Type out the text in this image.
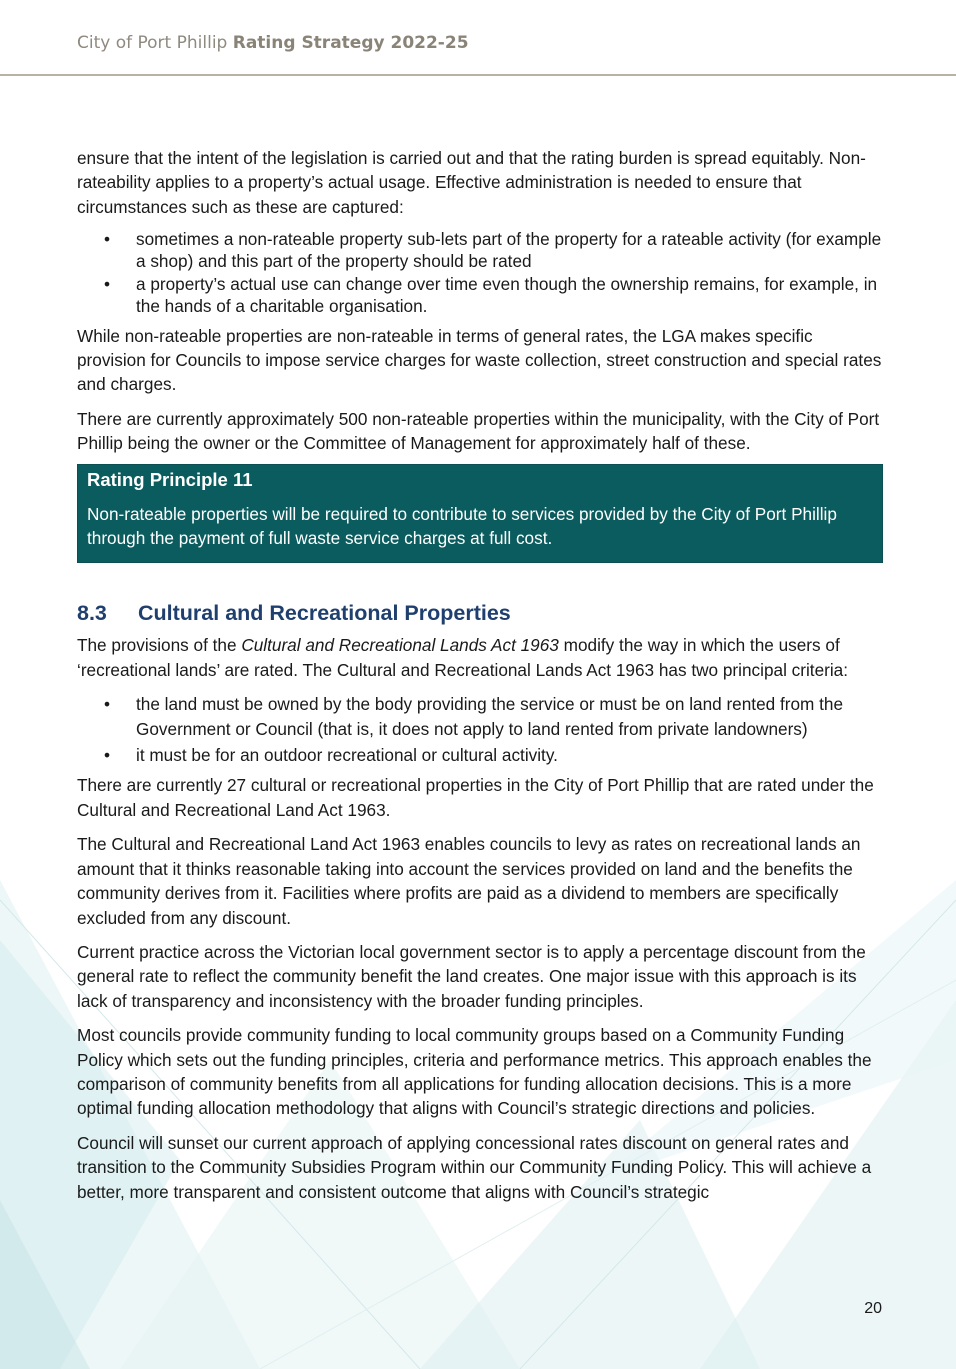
City of Port Phillip Rating Strategy 2022-25

ensure that the intent of the legislation is carried out and that the rating burden is spread equitably. Non-rateability applies to a property’s actual usage. Effective administration is needed to ensure that circumstances such as these are captured:

• sometimes a non-rateable property sub-lets part of the property for a rateable activity (for example a shop) and this part of the property should be rated
• a property’s actual use can change over time even though the ownership remains, for example, in the hands of a charitable organisation.

While non-rateable properties are non-rateable in terms of general rates, the LGA makes specific provision for Councils to impose service charges for waste collection, street construction and special rates and charges.

There are currently approximately 500 non-rateable properties within the municipality, with the City of Port Phillip being the owner or the Committee of Management for approximately half of these.

Rating Principle 11
Non-rateable properties will be required to contribute to services provided by the City of Port Phillip through the payment of full waste service charges at full cost.
8.3 Cultural and Recreational Properties

The provisions of the Cultural and Recreational Lands Act 1963 modify the way in which the users of ‘recreational lands’ are rated. The Cultural and Recreational Lands Act 1963 has two principal criteria:

• the land must be owned by the body providing the service or must be on land rented from the Government or Council (that is, it does not apply to land rented from private landowners)
• it must be for an outdoor recreational or cultural activity.

There are currently 27 cultural or recreational properties in the City of Port Phillip that are rated under the Cultural and Recreational Land Act 1963.

The Cultural and Recreational Land Act 1963 enables councils to levy as rates on recreational lands an amount that it thinks reasonable taking into account the services provided on land and the benefits the community derives from it. Facilities where profits are paid as a dividend to members are specifically excluded from any discount.

Current practice across the Victorian local government sector is to apply a percentage discount from the general rate to reflect the community benefit the land creates. One major issue with this approach is its lack of transparency and inconsistency with the broader funding principles.

Most councils provide community funding to local community groups based on a Community Funding Policy which sets out the funding principles, criteria and performance metrics. This approach enables the comparison of community benefits from all applications for funding allocation decisions. This is a more optimal funding allocation methodology that aligns with Council’s strategic directions and policies.

Council will sunset our current approach of applying concessional rates discount on general rates and transition to the Community Subsidies Program within our Community Funding Policy. This will achieve a better, more transparent and consistent outcome that aligns with Council’s strategic

20
